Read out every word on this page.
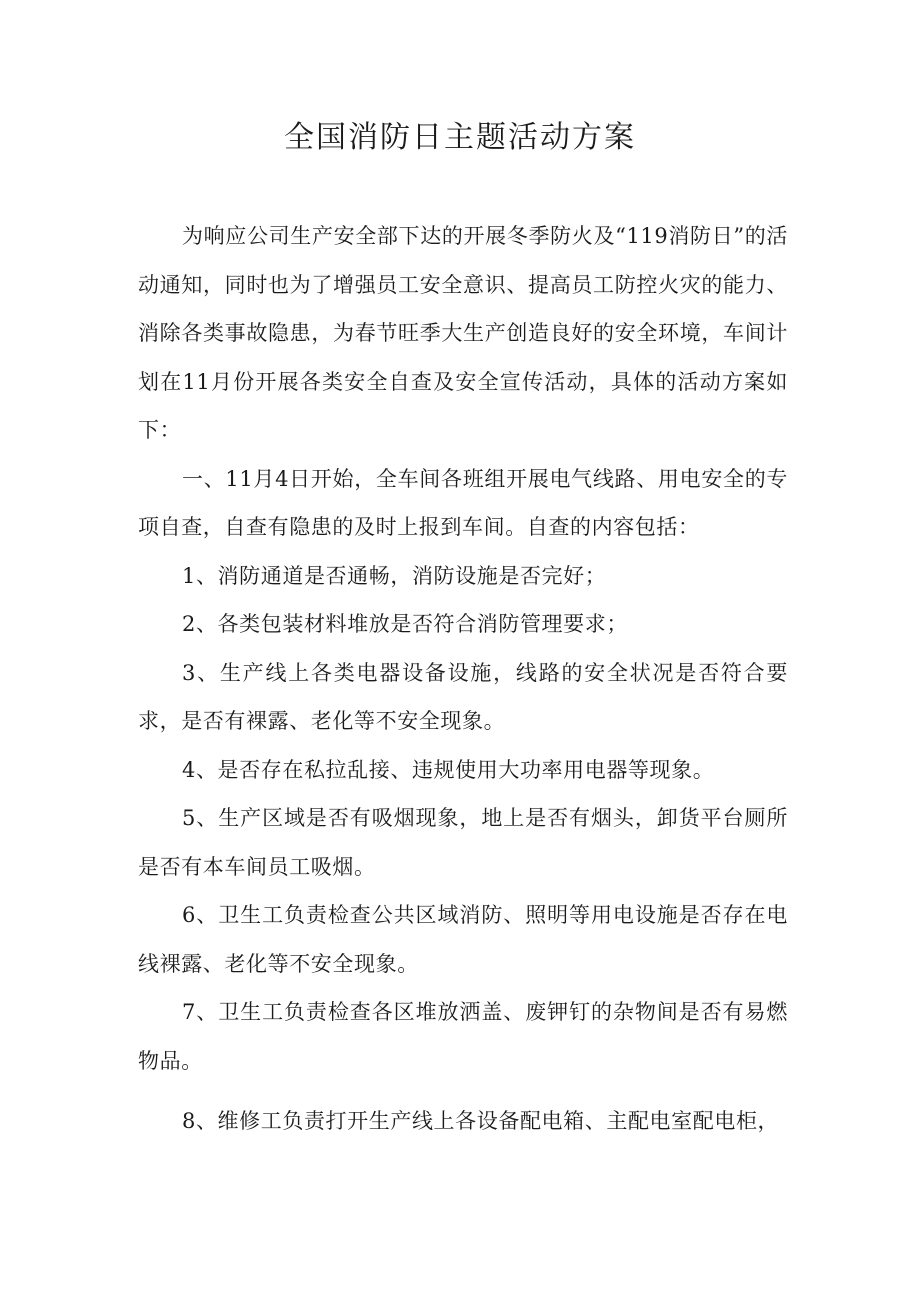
全国消防日主题活动方案

为响应公司生产安全部下达的开展冬季防火及“119消防日”的活动通知，同时也为了增强员工安全意识、提高员工防控火灾的能力、消除各类事故隐患，为春节旺季大生产创造良好的安全环境，车间计划在11月份开展各类安全自查及安全宣传活动，具体的活动方案如下：

一、11月4日开始，全车间各班组开展电气线路、用电安全的专项自查，自查有隐患的及时上报到车间。自查的内容包括：

1、消防通道是否通畅，消防设施是否完好；

2、各类包装材料堆放是否符合消防管理要求；

3、生产线上各类电器设备设施，线路的安全状况是否符合要求，是否有裸露、老化等不安全现象。

4、是否存在私拉乱接、违规使用大功率用电器等现象。

5、生产区域是否有吸烟现象，地上是否有烟头，卸货平台厕所是否有本车间员工吸烟。

6、卫生工负责检查公共区域消防、照明等用电设施是否存在电线裸露、老化等不安全现象。

7、卫生工负责检查各区堆放洒盖、废钾钉的杂物间是否有易燃物品。

8、维修工负责打开生产线上各设备配电箱、主配电室配电柜，
